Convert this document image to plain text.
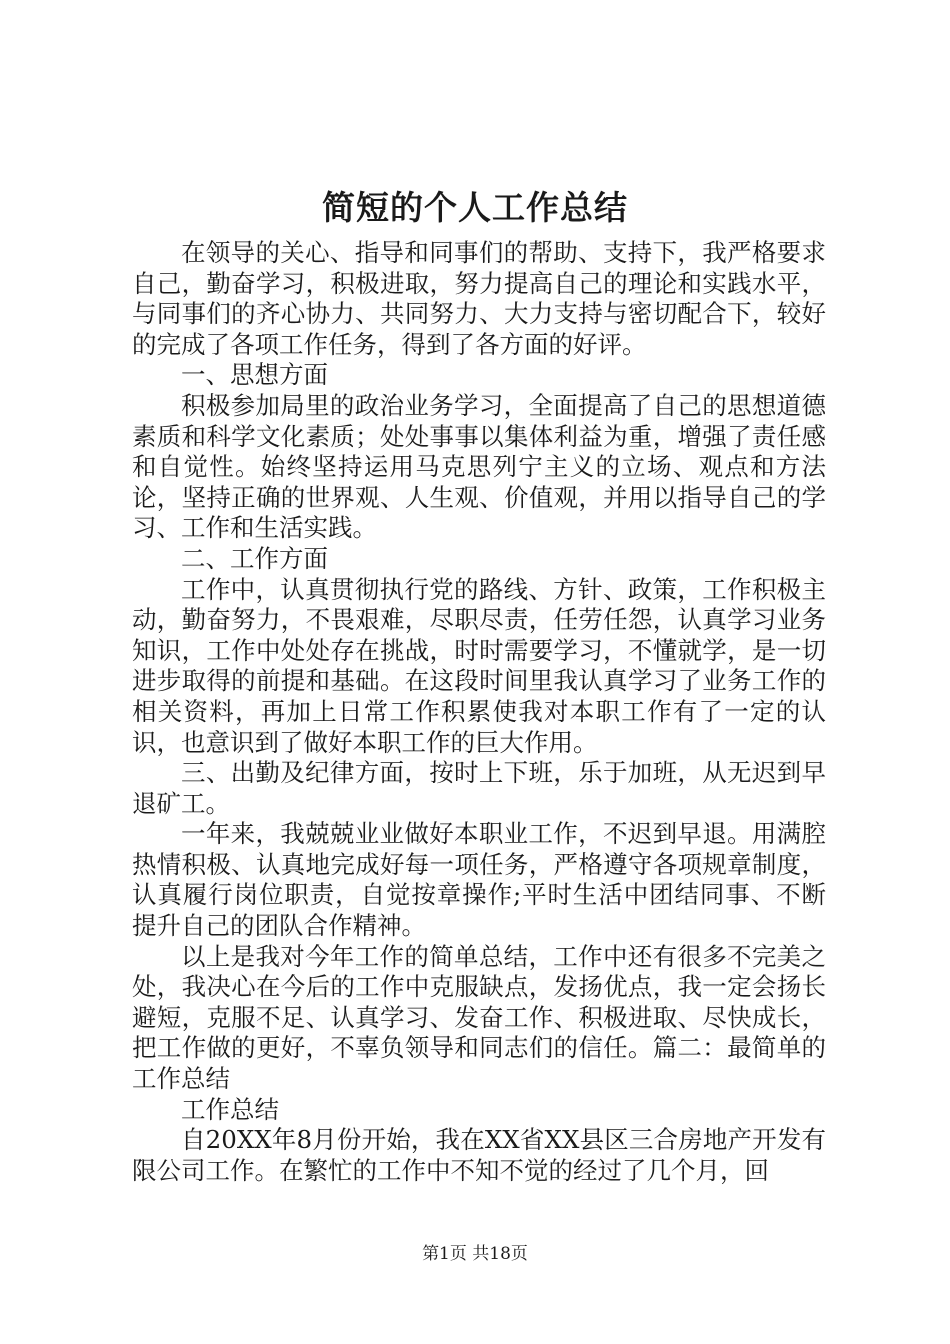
简短的个人工作总结

在领导的关心、指导和同事们的帮助、支持下，我严格要求自己，勤奋学习，积极进取，努力提高自己的理论和实践水平，与同事们的齐心协力、共同努力、大力支持与密切配合下，较好的完成了各项工作任务，得到了各方面的好评。

一、思想方面

积极参加局里的政治业务学习，全面提高了自己的思想道德素质和科学文化素质；处处事事以集体利益为重，增强了责任感和自觉性。始终坚持运用马克思列宁主义的立场、观点和方法论，坚持正确的世界观、人生观、价值观，并用以指导自己的学习、工作和生活实践。

二、工作方面

工作中，认真贯彻执行党的路线、方针、政策，工作积极主动，勤奋努力，不畏艰难，尽职尽责，任劳任怨，认真学习业务知识，工作中处处存在挑战，时时需要学习，不懂就学，是一切进步取得的前提和基础。在这段时间里我认真学习了业务工作的相关资料，再加上日常工作积累使我对本职工作有了一定的认识，也意识到了做好本职工作的巨大作用。

三、出勤及纪律方面，按时上下班，乐于加班，从无迟到早退矿工。

一年来，我兢兢业业做好本职业工作，不迟到早退。用满腔热情积极、认真地完成好每一项任务，严格遵守各项规章制度，认真履行岗位职责，自觉按章操作;平时生活中团结同事、不断提升自己的团队合作精神。

以上是我对今年工作的简单总结，工作中还有很多不完美之处，我决心在今后的工作中克服缺点，发扬优点，我一定会扬长避短，克服不足、认真学习、发奋工作、积极进取、尽快成长，把工作做的更好，不辜负领导和同志们的信任。篇二：最简单的工作总结

工作总结

自20XX年8月份开始，我在XX省XX县区三合房地产开发有限公司工作。在繁忙的工作中不知不觉的经过了几个月，回

第1页 共18页
